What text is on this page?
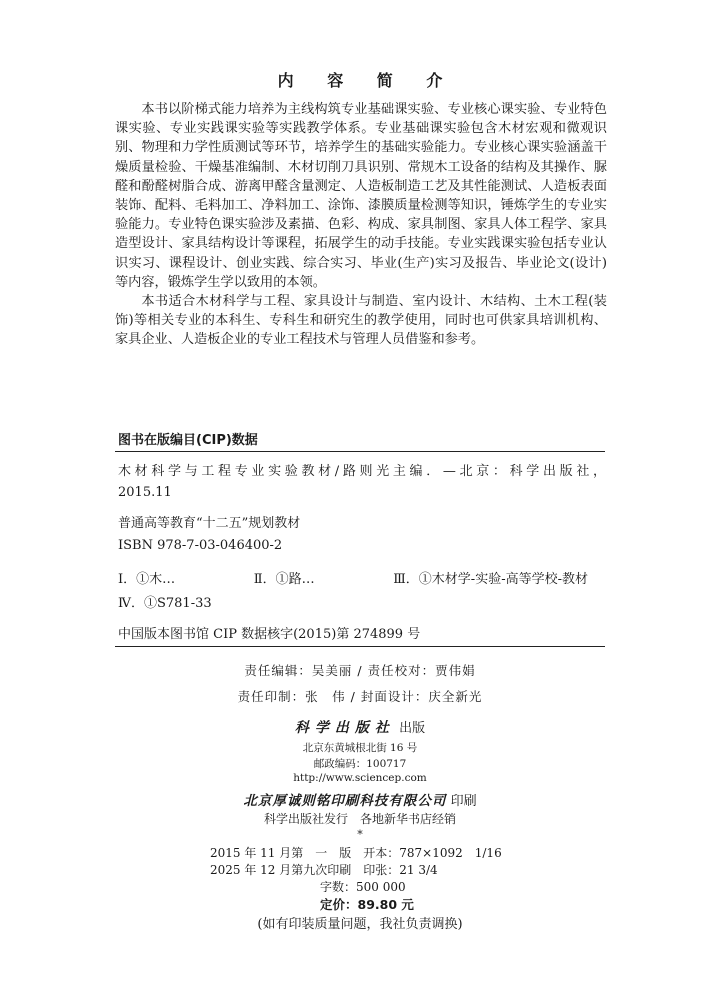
内 容 简 介

本书以阶梯式能力培养为主线构筑专业基础课实验、专业核心课实验、专业特色课实验、专业实践课实验等实践教学体系。专业基础课实验包含木材宏观和微观识别、物理和力学性质测试等环节，培养学生的基础实验能力。专业核心课实验涵盖干燥质量检验、干燥基准编制、木材切削刀具识别、常规木工设备的结构及其操作、脲醛和酚醛树脂合成、游离甲醛含量测定、人造板制造工艺及其性能测试、人造板表面装饰、配料、毛料加工、净料加工、涂饰、漆膜质量检测等知识，锤炼学生的专业实验能力。专业特色课实验涉及素描、色彩、构成、家具制图、家具人体工程学、家具造型设计、家具结构设计等课程，拓展学生的动手技能。专业实践课实验包括专业认识实习、课程设计、创业实践、综合实习、毕业(生产)实习及报告、毕业论文(设计)等内容，锻炼学生学以致用的本领。

本书适合木材科学与工程、家具设计与制造、室内设计、木结构、土木工程(装饰)等相关专业的本科生、专科生和研究生的教学使用，同时也可供家具培训机构、家具企业、人造板企业的专业工程技术与管理人员借鉴和参考。

图书在版编目(CIP)数据
木材科学与工程专业实验教材/路则光主编．—北京：科学出版社，
2015.11
普通高等教育“十二五”规划教材
ISBN 978-7-03-046400-2
Ⅰ．①木…	Ⅱ．①路…	Ⅲ．①木材学-实验-高等学校-教材
Ⅳ．①S781-33
中国版本图书馆 CIP 数据核字(2015)第 274899 号
责任编辑：吴美丽 / 责任校对：贾伟娟
责任印制：张　伟 / 封面设计：庆全新光
科学出版社 出版
北京东黄城根北街 16 号
邮政编码：100717
http://www.sciencep.com
北京厚诚则铭印刷科技有限公司 印刷
科学出版社发行　各地新华书店经销
*
2015 年 11 月第　一　版　开本：787×1092　1/16
2025 年 12 月第九次印刷　印张：21 3/4
字数：500 000
定价：89.80 元
(如有印装质量问题，我社负责调换)
